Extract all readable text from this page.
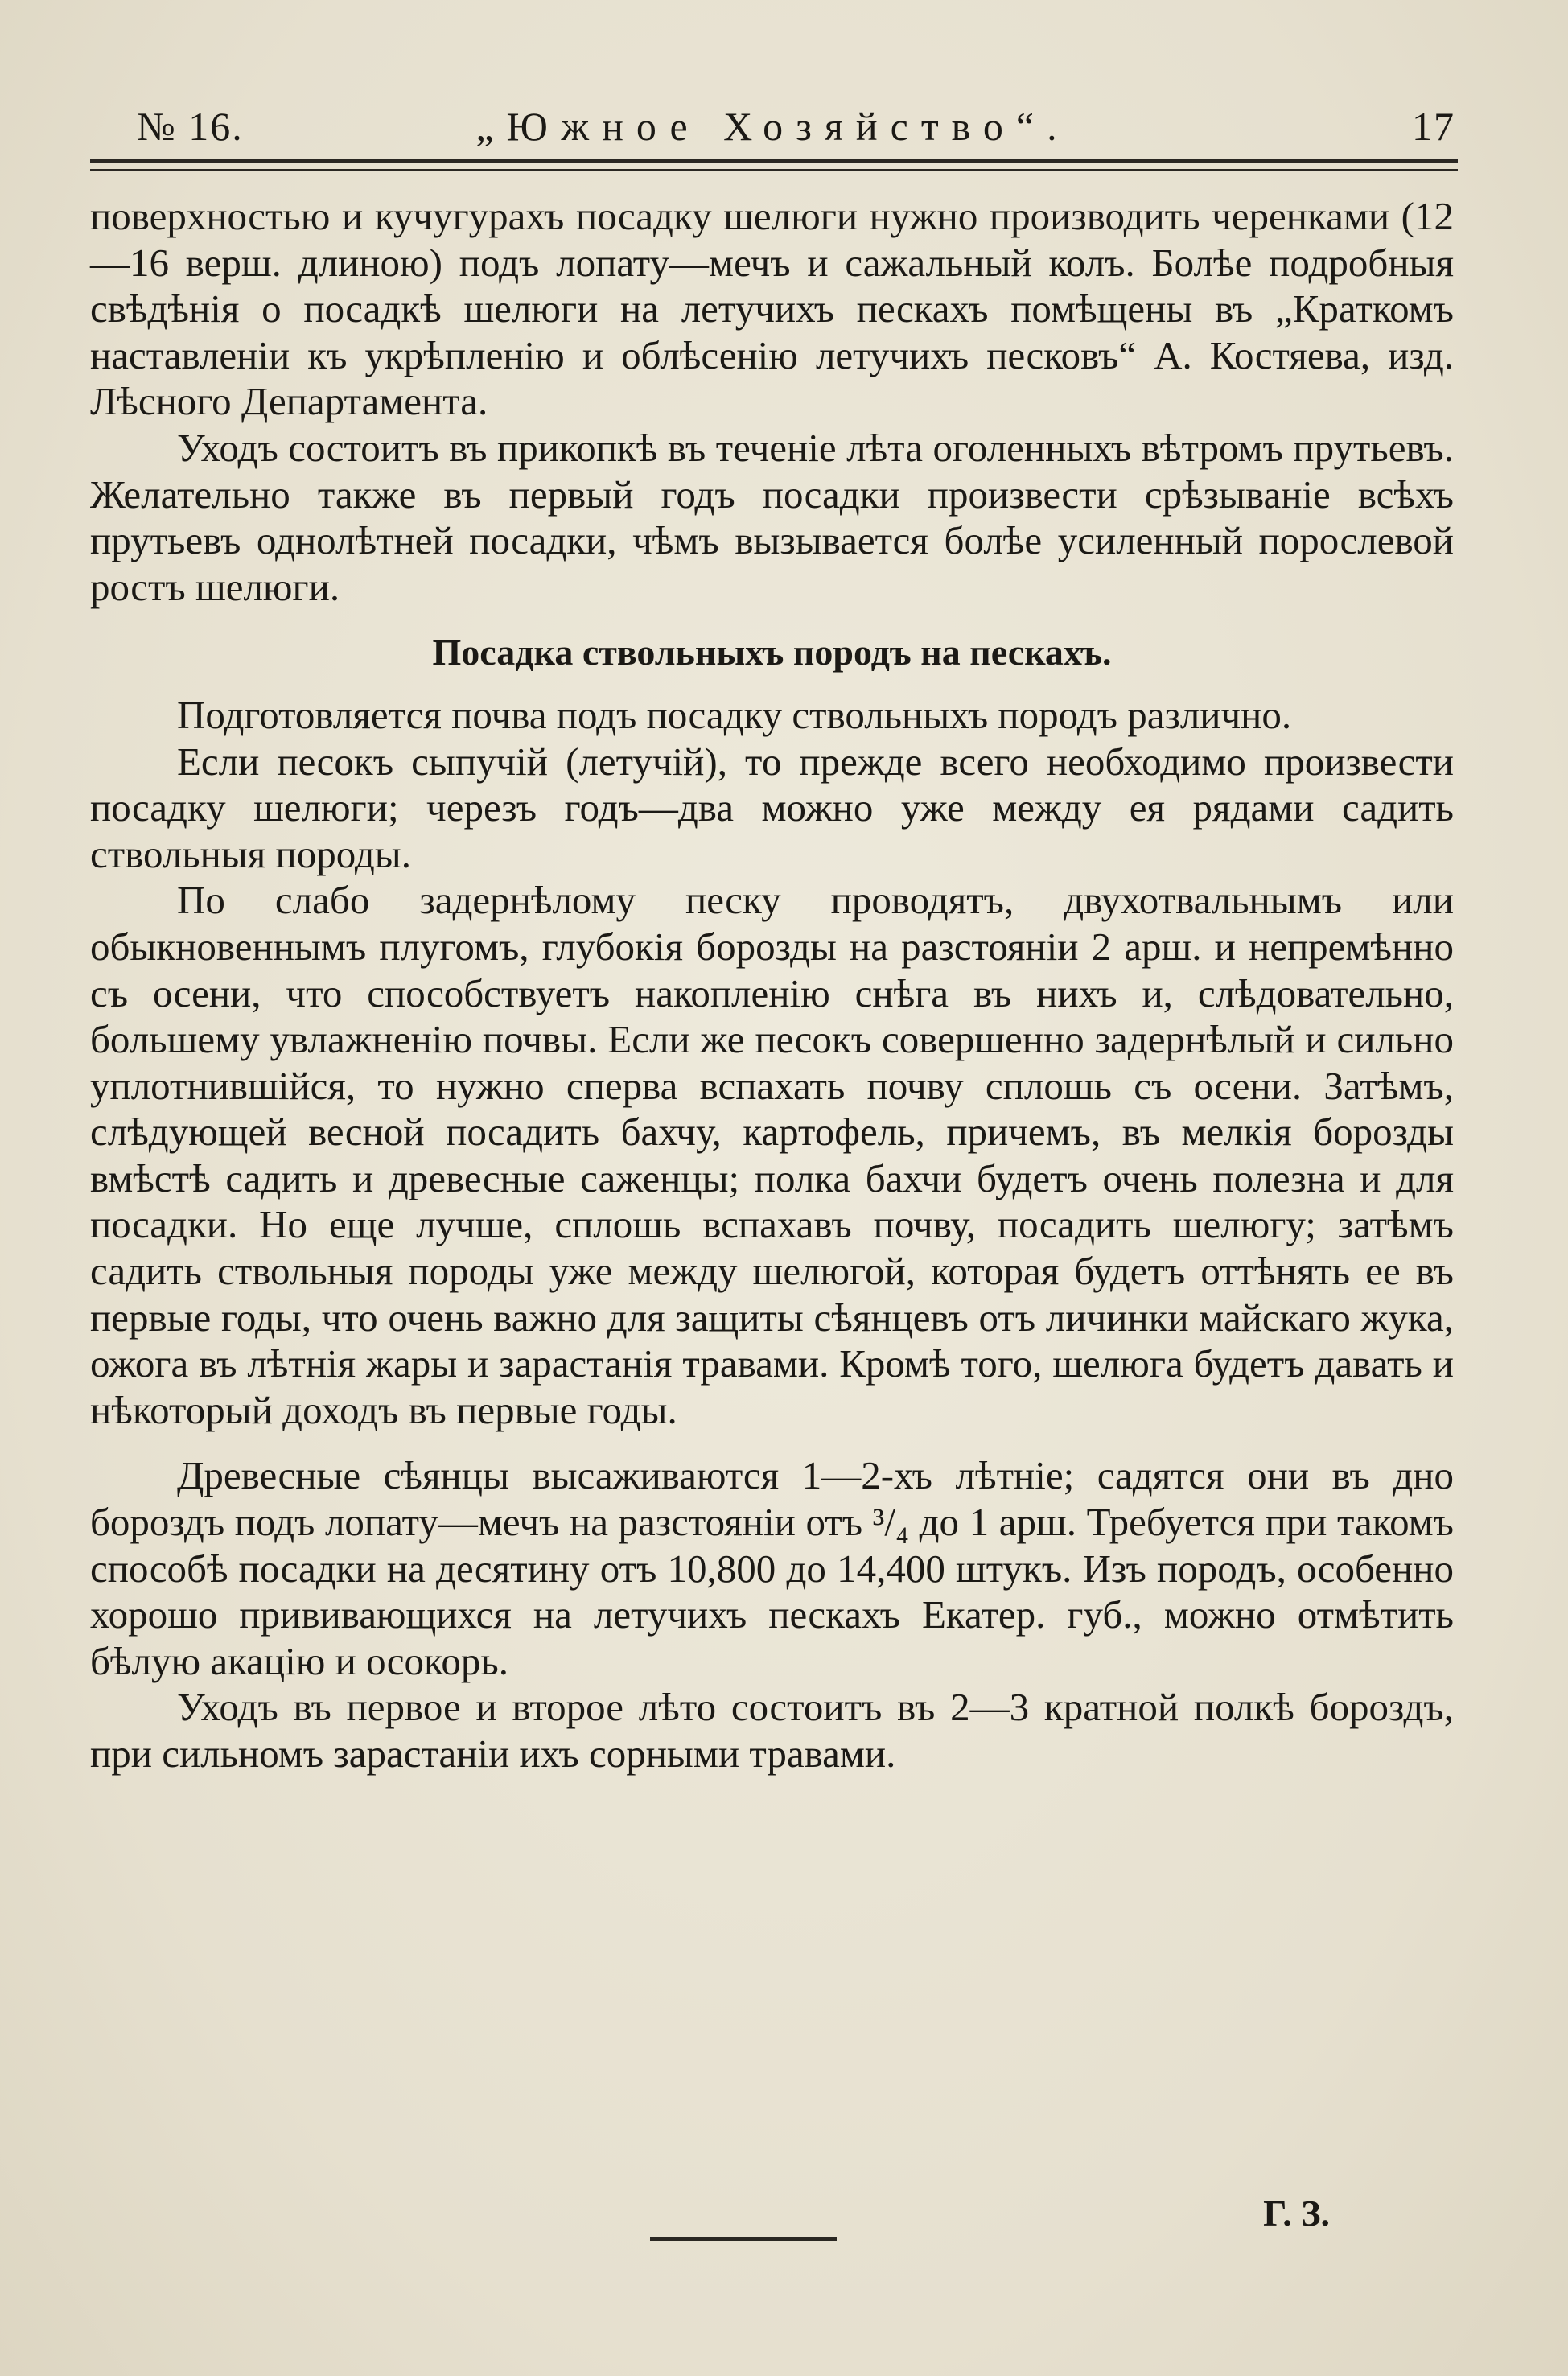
№ 16.	„Южное Хозяйство“.	17

поверхностью и кучугурахъ посадку шелюги нужно производить черенками (12—16 верш. длиною) подъ лопату—мечъ и сажальный колъ. Болѣе подробныя свѣдѣнія о посадкѣ шелюги на летучихъ пескахъ помѣщены въ „Краткомъ наставленіи къ укрѣпленію и облѣсенію летучихъ песковъ“ А. Костяева, изд. Лѣсного Департамента.

Уходъ состоитъ въ прикопкѣ въ теченіе лѣта оголенныхъ вѣтромъ прутьевъ. Желательно также въ первый годъ посадки произвести срѣзываніе всѣхъ прутьевъ однолѣтней посадки, чѣмъ вызывается болѣе усиленный порослевой ростъ шелюги.

Посадка ствольныхъ породъ на пескахъ.

Подготовляется почва подъ посадку ствольныхъ породъ различно.

Если песокъ сыпучій (летучій), то прежде всего необходимо произвести посадку шелюги; черезъ годъ—два можно уже между ея рядами садить ствольныя породы.

По слабо задернѣлому песку проводятъ, двухотвальнымъ или обыкновеннымъ плугомъ, глубокія борозды на разстояніи 2 арш. и непремѣнно съ осени, что способствуетъ накопленію снѣга въ нихъ и, слѣдовательно, большему увлажненію почвы. Если же песокъ совершенно задернѣлый и сильно уплотнившійся, то нужно сперва вспахать почву сплошь съ осени. Затѣмъ, слѣдующей весной посадить бахчу, картофель, причемъ, въ мелкія борозды вмѣстѣ садить и древесные саженцы; полка бахчи будетъ очень полезна и для посадки. Но еще лучше, сплошь вспахавъ почву, посадить шелюгу; затѣмъ садить ствольныя породы уже между шелюгой, которая будетъ оттѣнять ее въ первые годы, что очень важно для защиты сѣянцевъ отъ личинки майскаго жука, ожога въ лѣтнія жары и зарастанія травами. Кромѣ того, шелюга будетъ давать и нѣкоторый доходъ въ первые годы.

Древесные сѣянцы высаживаются 1—2-хъ лѣтніе; садятся они въ дно бороздъ подъ лопату—мечъ на разстояніи отъ ³/₄ до 1 арш. Требуется при такомъ способѣ посадки на десятину отъ 10,800 до 14,400 штукъ. Изъ породъ, особенно хорошо прививающихся на летучихъ пескахъ Екатер. губ., можно отмѣтить бѣлую акацію и осокорь.

Уходъ въ первое и второе лѣто состоитъ въ 2—3 кратной полкѣ бороздъ, при сильномъ зарастаніи ихъ сорными травами.

Г. З.
